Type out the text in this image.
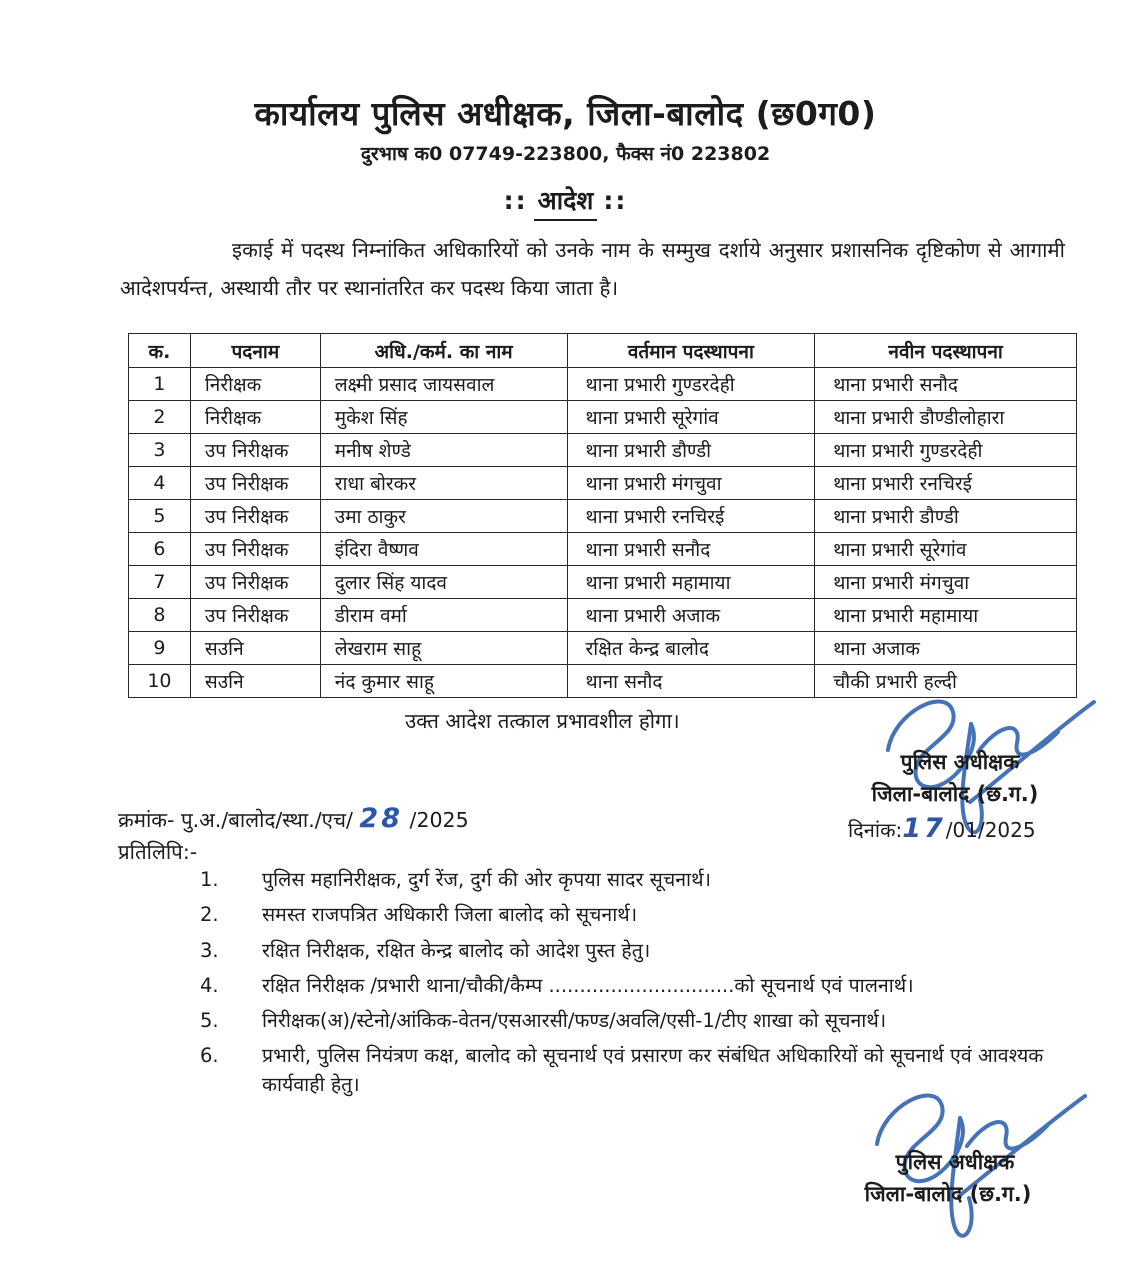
कार्यालय पुलिस अधीक्षक, जिला-बालोद (छ0ग0)
दुरभाष क0 07749-223800, फैक्स नं0 223802
:: आदेश ::
इकाई में पदस्थ निम्नांकित अधिकारियों को उनके नाम के सम्मुख दर्शाये अनुसार प्रशासनिक दृष्टिकोण से आगामी आदेशपर्यन्त, अस्थायी तौर पर स्थानांतरित कर पदस्थ किया जाता है।
क.	पदनाम	अधि./कर्म. का नाम	वर्तमान पदस्थापना	नवीन पदस्थापना
1	निरीक्षक	लक्ष्मी प्रसाद जायसवाल	थाना प्रभारी गुण्डरदेही	थाना प्रभारी सनौद
2	निरीक्षक	मुकेश सिंह	थाना प्रभारी सूरेगांव	थाना प्रभारी डौण्डीलोहारा
3	उप निरीक्षक	मनीष शेण्डे	थाना प्रभारी डौण्डी	थाना प्रभारी गुण्डरदेही
4	उप निरीक्षक	राधा बोरकर	थाना प्रभारी मंगचुवा	थाना प्रभारी रनचिरई
5	उप निरीक्षक	उमा ठाकुर	थाना प्रभारी रनचिरई	थाना प्रभारी डौण्डी
6	उप निरीक्षक	इंदिरा वैष्णव	थाना प्रभारी सनौद	थाना प्रभारी सूरेगांव
7	उप निरीक्षक	दुलार सिंह यादव	थाना प्रभारी महामाया	थाना प्रभारी मंगचुवा
8	उप निरीक्षक	डीराम वर्मा	थाना प्रभारी अजाक	थाना प्रभारी महामाया
9	सउनि	लेखराम साहू	रक्षित केन्द्र बालोद	थाना अजाक
10	सउनि	नंद कुमार साहू	थाना सनौद	चौकी प्रभारी हल्दी
उक्त आदेश तत्काल प्रभावशील होगा।
पुलिस अधीक्षक
जिला-बालोद (छ.ग.)
दिनांक:17/01/2025
क्रमांक- पु.अ./बालोद/स्था./एच/ 28 /2025
प्रतिलिपि:-
1.	पुलिस महानिरीक्षक, दुर्ग रेंज, दुर्ग की ओर कृपया सादर सूचनार्थ।
2.	समस्त राजपत्रित अधिकारी जिला बालोद को सूचनार्थ।
3.	रक्षित निरीक्षक, रक्षित केन्द्र बालोद को आदेश पुस्त हेतु।
4.	रक्षित निरीक्षक /प्रभारी थाना/चौकी/कैम्प ..............................को सूचनार्थ एवं पालनार्थ।
5.	निरीक्षक(अ)/स्टेनो/आंकिक-वेतन/एसआरसी/फण्ड/अवलि/एसी-1/टीए शाखा को सूचनार्थ।
6.	प्रभारी, पुलिस नियंत्रण कक्ष, बालोद को सूचनार्थ एवं प्रसारण कर संबंधित अधिकारियों को सूचनार्थ एवं आवश्यक कार्यवाही हेतु।
पुलिस अधीक्षक
जिला-बालोद (छ.ग.)
